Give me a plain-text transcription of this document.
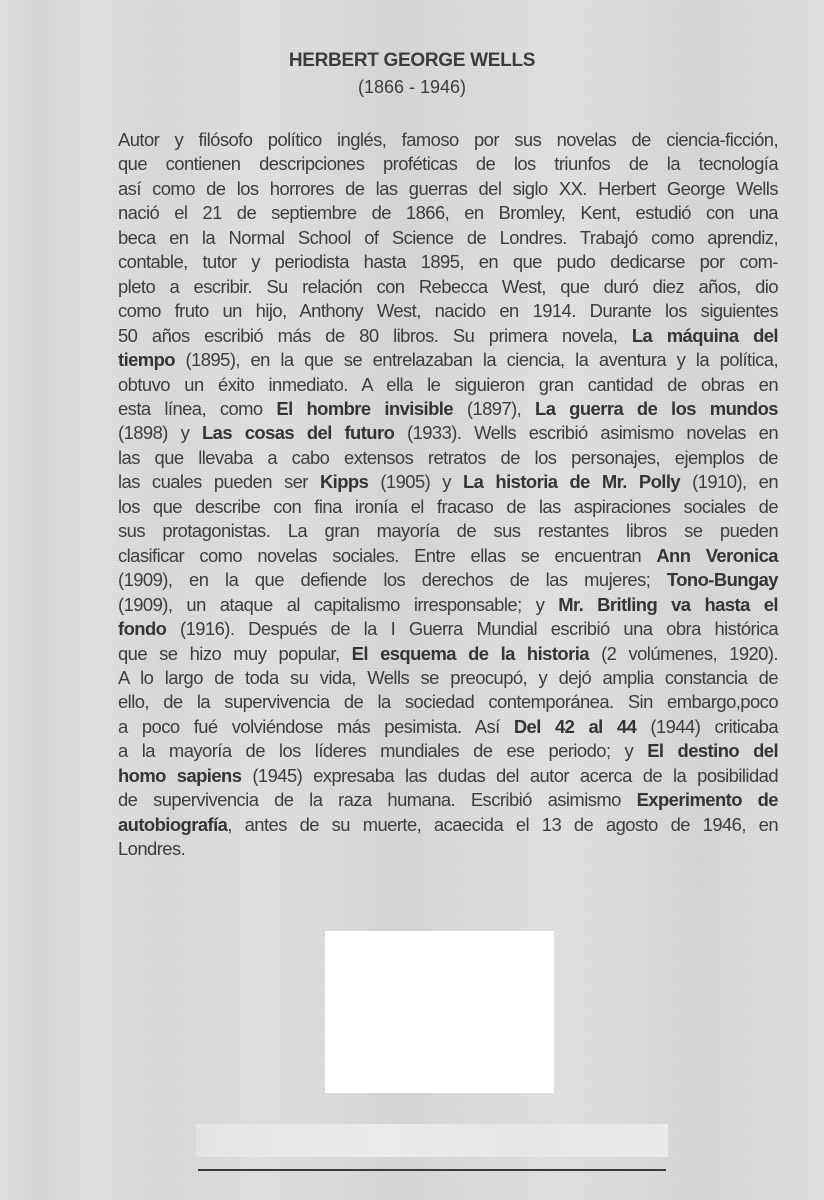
HERBERT GEORGE WELLS
(1866 - 1946)
Autor y filósofo político inglés, famoso por sus novelas de ciencia-ficción,
que contienen descripciones proféticas de los triunfos de la tecnología
así como de los horrores de las guerras del siglo XX. Herbert George Wells
nació el 21 de septiembre de 1866, en Bromley, Kent, estudió con una
beca en la Normal School of Science de Londres. Trabajó como aprendiz,
contable, tutor y periodista hasta 1895, en que pudo dedicarse por com-
pleto a escribir. Su relación con Rebecca West, que duró diez años, dio
como fruto un hijo, Anthony West, nacido en 1914. Durante los siguientes
50 años escribió más de 80 libros. Su primera novela, La máquina del
tiempo (1895), en la que se entrelazaban la ciencia, la aventura y la política,
obtuvo un éxito inmediato. A ella le siguieron gran cantidad de obras en
esta línea, como El hombre invisible (1897), La guerra de los mundos
(1898) y Las cosas del futuro (1933). Wells escribió asimismo novelas en
las que llevaba a cabo extensos retratos de los personajes, ejemplos de
las cuales pueden ser Kipps (1905) y La historia de Mr. Polly (1910), en
los que describe con fina ironía el fracaso de las aspiraciones sociales de
sus protagonistas. La gran mayoría de sus restantes libros se pueden
clasificar como novelas sociales. Entre ellas se encuentran Ann Veronica
(1909), en la que defiende los derechos de las mujeres; Tono-Bungay
(1909), un ataque al capitalismo irresponsable; y Mr. Britling va hasta el
fondo (1916). Después de la I Guerra Mundial escribió una obra histórica
que se hizo muy popular, El esquema de la historia (2 volúmenes, 1920).
A lo largo de toda su vida, Wells se preocupó, y dejó amplia constancia de
ello, de la supervivencia de la sociedad contemporánea. Sin embargo,poco
a poco fué volviéndose más pesimista. Así Del 42 al 44 (1944) criticaba
a la mayoría de los líderes mundiales de ese periodo; y El destino del
homo sapiens (1945) expresaba las dudas del autor acerca de la posibilidad
de supervivencia de la raza humana. Escribió asimismo Experimento de
autobiografía, antes de su muerte, acaecida el 13 de agosto de 1946, en
Londres.
